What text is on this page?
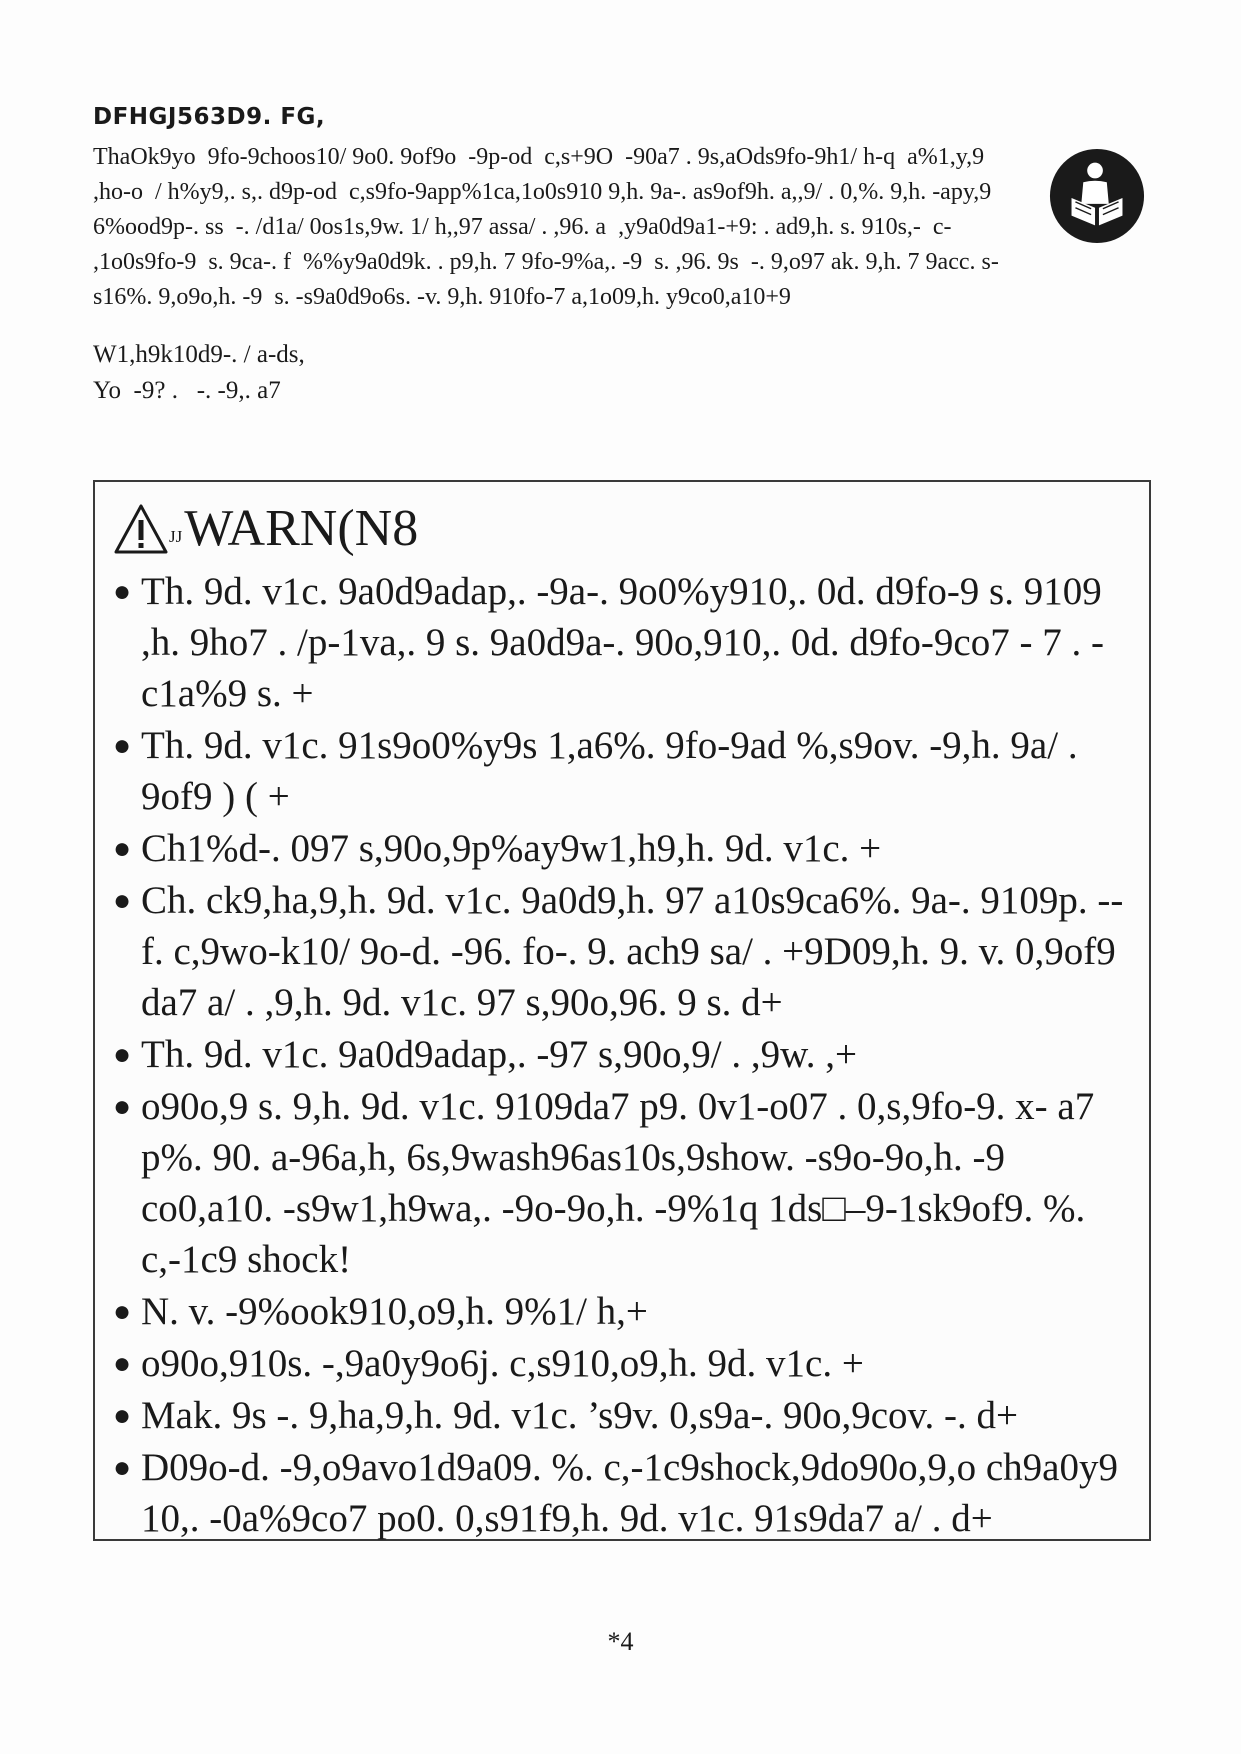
DFHGJ563D9. FG,
ThaOk9yo  9fo-9choos10/ 9o0. 9of9o  -9p-od  c,s+9O  -90a7 . 9s,aOds9fo-9h1/ h-q  a%1,y,9
,ho-o  / h%y9,. s,. d9p-od  c,s9fo-9app%1ca,1o0s910 9,h. 9a-. as9of9h. a,,9/ . 0,%. 9,h. -apy,9
6%ood9p-. ss  -. /d1a/ 0os1s,9w. 1/ h,,97 assa/ . ,96. a  ,y9a0d9a1-+9: . ad9,h. s. 910s,-  c-
,1o0s9fo-9  s. 9ca-. f  %%y9a0d9k. . p9,h. 7 9fo-9%a,. -9  s. ,96. 9s  -. 9,o97 ak. 9,h. 7 9acc. s-
s16%. 9,o9o,h. -9  s. -s9a0d9o6s. -v. 9,h. 910fo-7 a,1o09,h. y9co0,a10+9
W1,h9k10d9-. / a-ds,
Yo  -9? .   -. -9,. a7
JJ WARN(N8
● Th. 9d. v1c. 9a0d9adap,. -9a-. 9o0%y910,. 0d. d9fo-9 s. 9109 ,h. 9ho7 . /p-1va,. 9 s. 9a0d9a-. 90o,910,. 0d. d9fo-9co7 - 7 . -c1a%9 s. +
● Th. 9d. v1c. 91s9o0%y9s 1,a6%. 9fo-9ad %,s9ov. -9,h. 9a/ . 9of9 ) ( +
● Ch1%d-. 097 s,90o,9p%ay9w1,h9,h. 9d. v1c. +
● Ch. ck9,ha,9,h. 9d. v1c. 9a0d9,h. 97 a10s9ca6%. 9a-. 9109p. -- f. c,9wo-k10/ 9o-d. -96. fo-. 9. ach9 sa/ . +9D09,h. 9. v. 0,9of9 da7 a/ . ,9,h. 9d. v1c. 97 s,90o,96. 9 s. d+
● Th. 9d. v1c. 9a0d9adap,. -97 s,90o,9/ . ,9w. ,+
● o90o,9 s. 9,h. 9d. v1c. 9109da7 p9. 0v1-o07 . 0,s,9fo-9. x- a7 p%. 90. a-96a,h, 6s,9wash96as10s,9show. -s9o-9o,h. -9 co0,a10. -s9w1,h9wa,. -9o-9o,h. -9%1q 1ds□–9-1sk9of9. %. c,-1c9 shock!
● N. v. -9%ook910,o9,h. 9%1/ h,+
● o90o,910s. -,9a0y9o6j. c,s910,o9,h. 9d. v1c. +
● Mak. 9s -. 9,ha,9,h. 9d. v1c. ’s9v. 0,s9a-. 90o,9cov. -. d+
● D09o-d. -9,o9avo1d9a09. %. c,-1c9shock,9do90o,9,o ch9a0y9 10,. -0a%9co7 po0. 0,s91f9,h. 9d. v1c. 91s9da7 a/ . d+
*4
